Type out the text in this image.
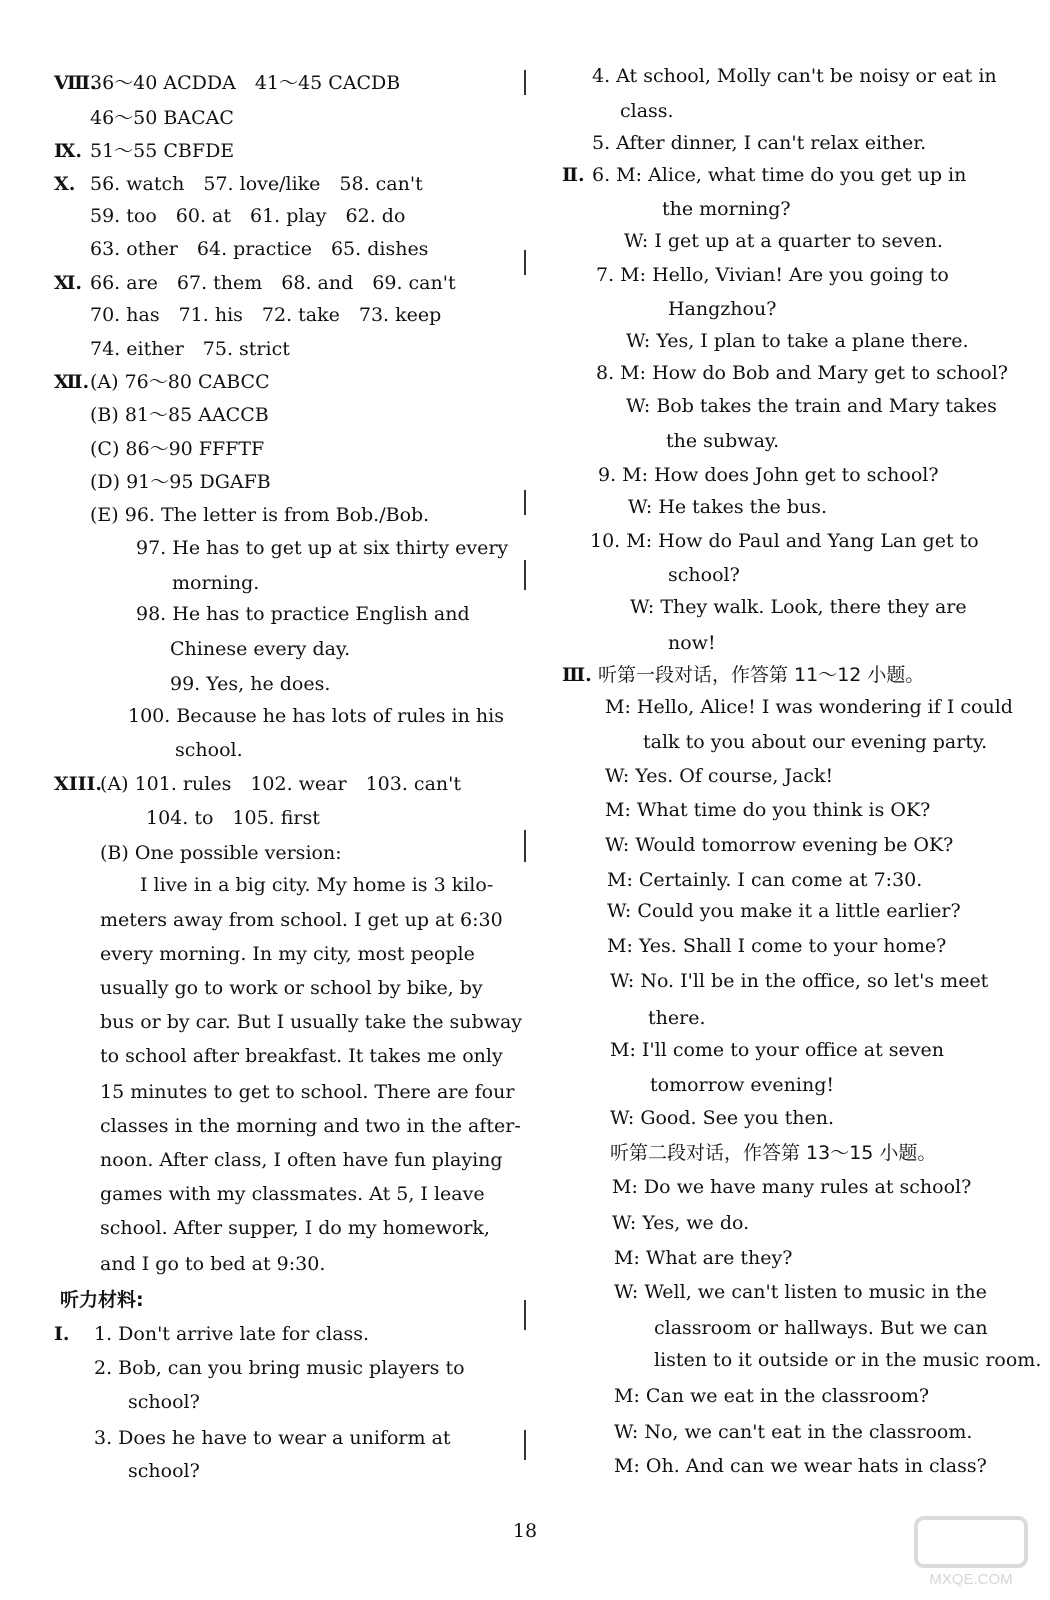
Ⅷ.
36～40 ACDDA　41～45 CACDB
46～50 BACAC
Ⅸ. 51～55 CBFDE
Ⅹ. 56. watch　57. love/like　58. can't
59. too　60. at　61. play　62. do
63. other　64. practice　65. dishes
Ⅺ. 66. are　67. them　68. and　69. can't
70. has　71. his　72. take　73. keep
74. either　75. strict
Ⅻ. (A) 76～80 CABCC
(B) 81～85 AACCB
(C) 86～90 FFFTF
(D) 91～95 DGAFB
(E) 96. The letter is from Bob./Bob.
97. He has to get up at six thirty every
morning.
98. He has to practice English and
Chinese every day.
99. Yes, he does.
100. Because he has lots of rules in his
school.
XIII.
(A) 101. rules　102. wear　103. can't
104. to　105. first
(B) One possible version:
I live in a big city. My home is 3 kilo-
meters away from school. I get up at 6:30
every morning. In my city, most people
usually go to work or school by bike, by
bus or by car. But I usually take the subway
to school after breakfast. It takes me only
15 minutes to get to school. There are four
classes in the morning and two in the after-
noon. After class, I often have fun playing
games with my classmates. At 5, I leave
school. After supper, I do my homework,
and I go to bed at 9:30.
听力材料:
Ⅰ. 1. Don't arrive late for class.
2. Bob, can you bring music players to
school?
3. Does he have to wear a uniform at
school?
4. At school, Molly can't be noisy or eat in
class.
5. After dinner, I can't relax either.
Ⅱ. 6. M: Alice, what time do you get up in
the morning?
W: I get up at a quarter to seven.
7. M: Hello, Vivian! Are you going to
Hangzhou?
W: Yes, I plan to take a plane there.
8. M: How do Bob and Mary get to school?
W: Bob takes the train and Mary takes
the subway.
9. M: How does John get to school?
W: He takes the bus.
10. M: How do Paul and Yang Lan get to
school?
W: They walk. Look, there they are
now!
Ⅲ. 听第一段对话，作答第 11～12 小题。
M: Hello, Alice! I was wondering if I could
talk to you about our evening party.
W: Yes. Of course, Jack!
M: What time do you think is OK?
W: Would tomorrow evening be OK?
M: Certainly. I can come at 7:30.
W: Could you make it a little earlier?
M: Yes. Shall I come to your home?
W: No. I'll be in the office, so let's meet
there.
M: I'll come to your office at seven
tomorrow evening!
W: Good. See you then.
听第二段对话，作答第 13～15 小题。
M: Do we have many rules at school?
W: Yes, we do.
M: What are they?
W: Well, we can't listen to music in the
classroom or hallways. But we can
listen to it outside or in the music room.
M: Can we eat in the classroom?
W: No, we can't eat in the classroom.
M: Oh. And can we wear hats in class?
18
MXQE.COM
